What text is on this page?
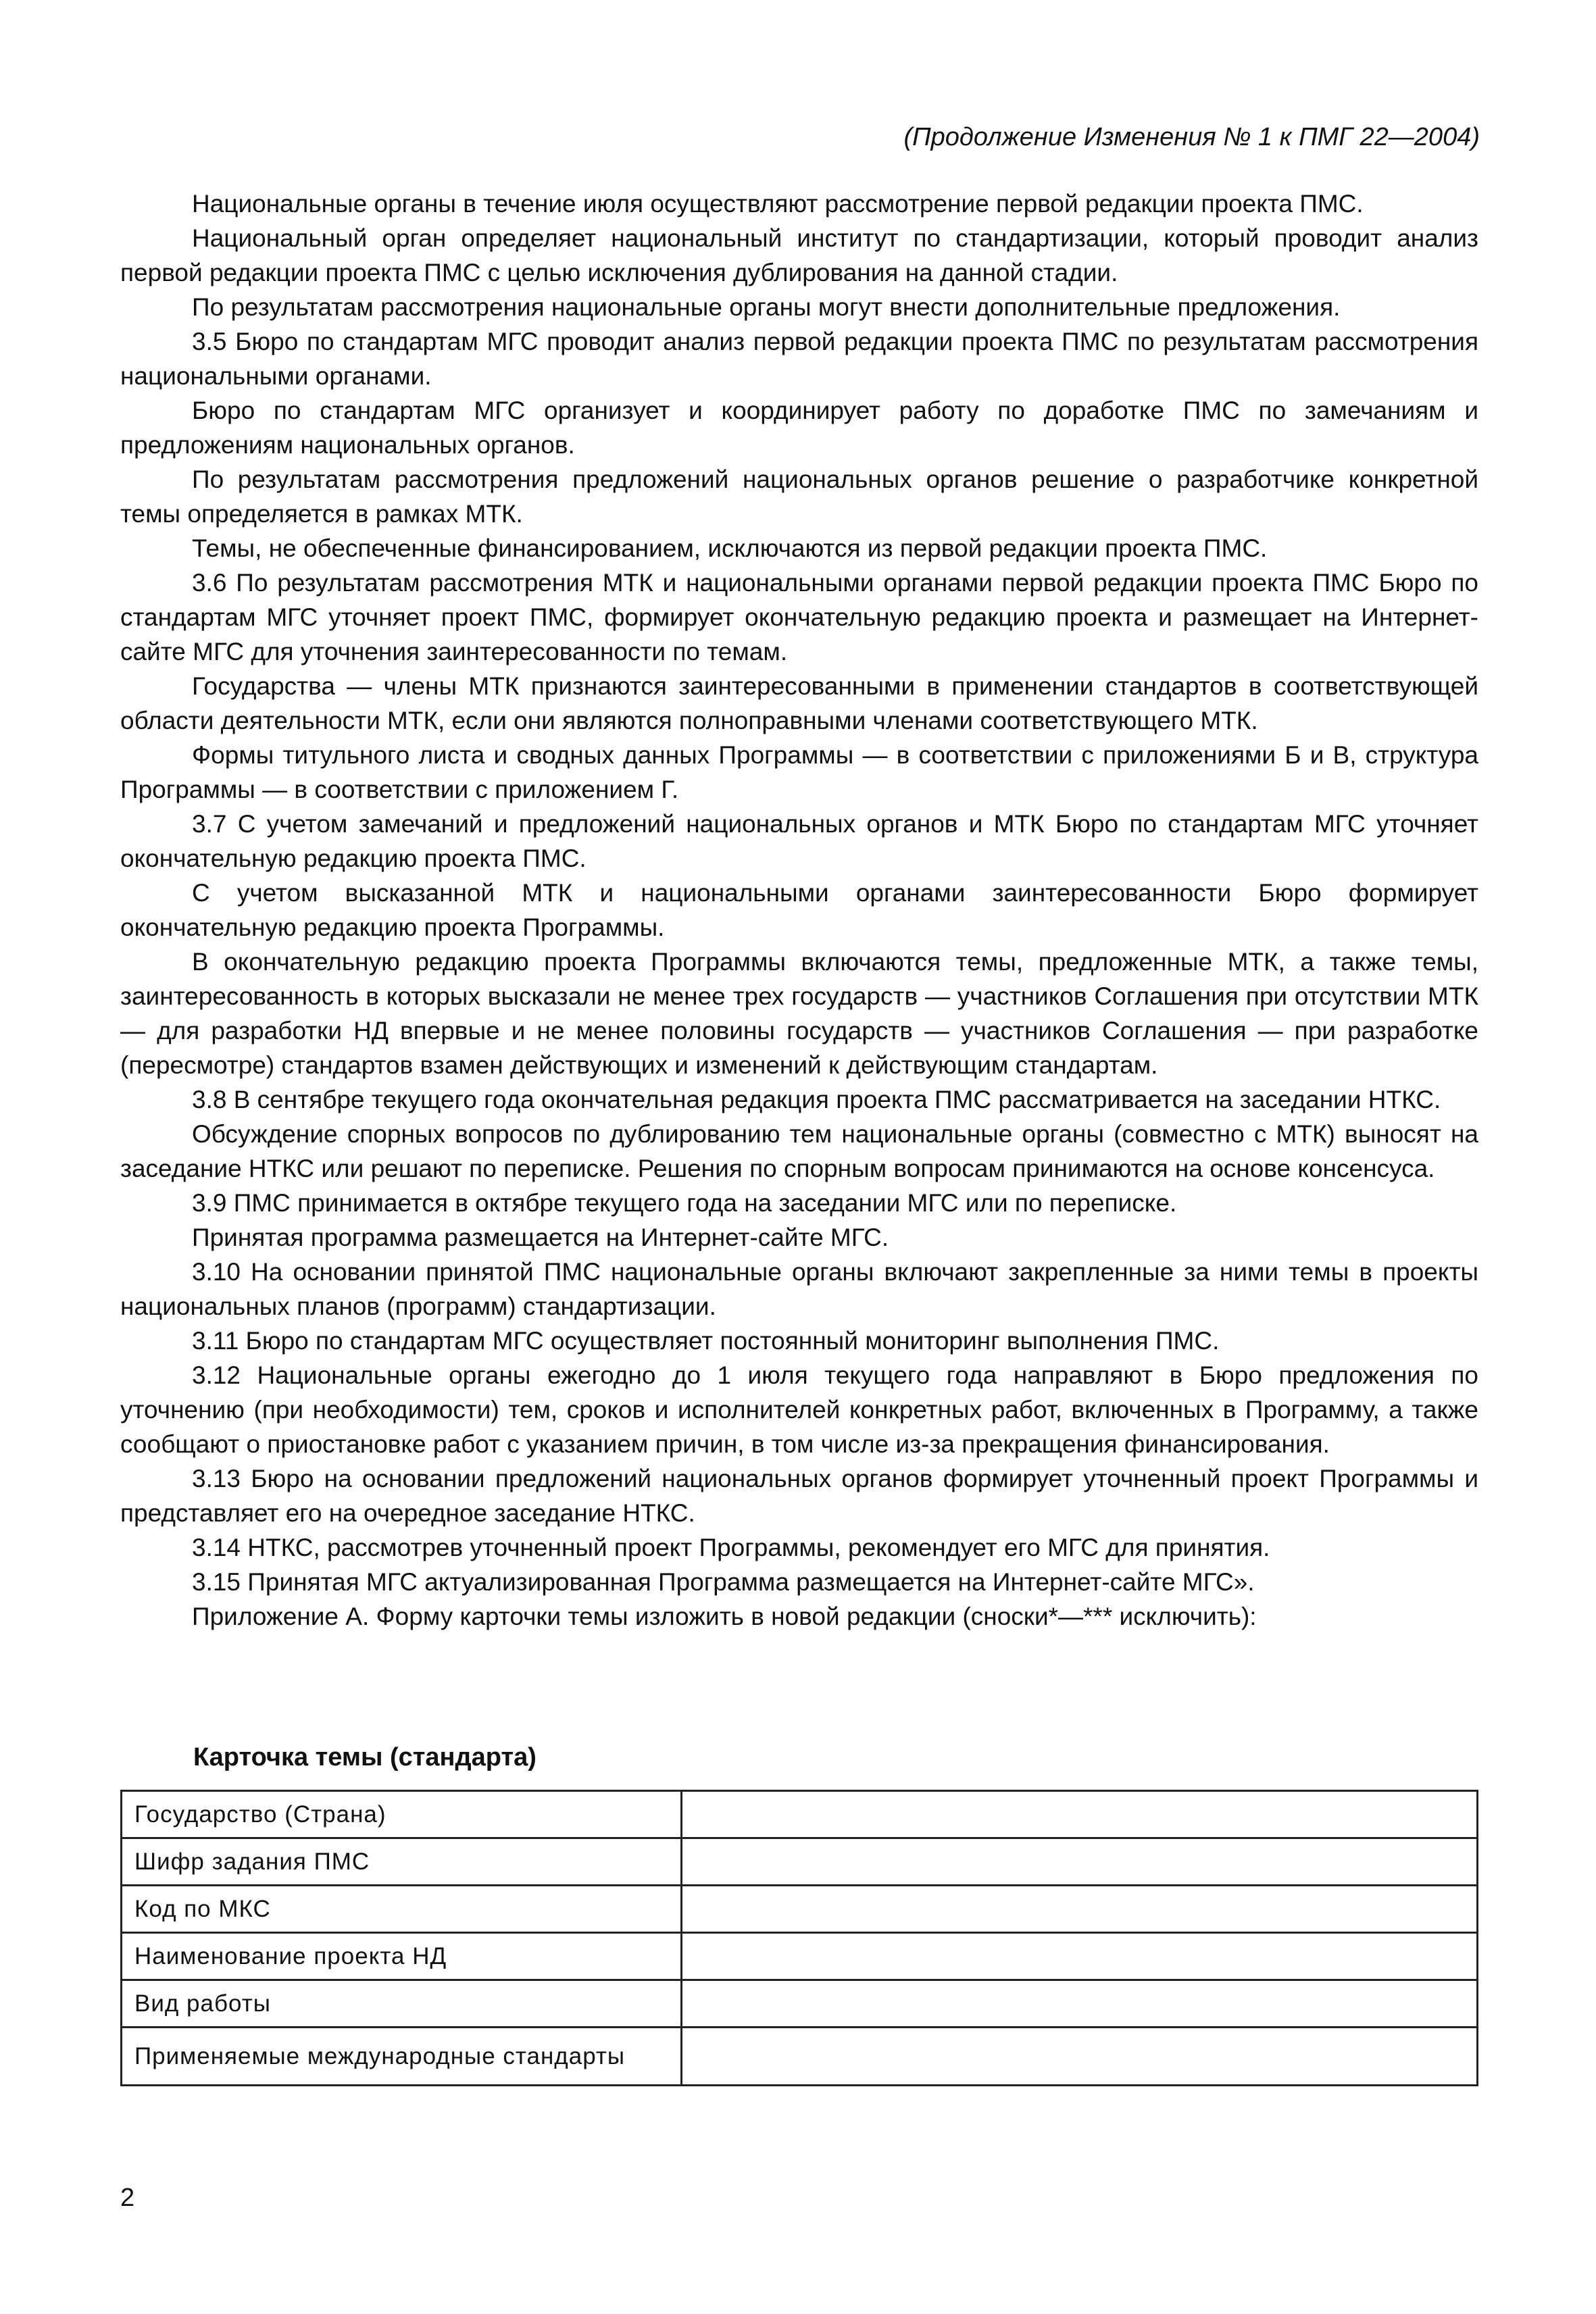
(Продолжение Изменения № 1 к ПМГ 22—2004)

Национальные органы в течение июля осуществляют рассмотрение первой редакции проекта ПМС.

Национальный орган определяет национальный институт по стандартизации, который проводит анализ первой редакции проекта ПМС с целью исключения дублирования на данной стадии.

По результатам рассмотрения национальные органы могут внести дополнительные предложения.

3.5 Бюро по стандартам МГС проводит анализ первой редакции проекта ПМС по результатам рассмотрения национальными органами.

Бюро по стандартам МГС организует и координирует работу по доработке ПМС по замечаниям и предложениям национальных органов.

По результатам рассмотрения предложений национальных органов решение о разработчике конкретной темы определяется в рамках МТК.

Темы, не обеспеченные финансированием, исключаются из первой редакции проекта ПМС.

3.6 По результатам рассмотрения МТК и национальными органами первой редакции проекта ПМС Бюро по стандартам МГС уточняет проект ПМС, формирует окончательную редакцию проекта и размещает на Интернет-сайте МГС для уточнения заинтересованности по темам.

Государства — члены МТК признаются заинтересованными в применении стандартов в соответствующей области деятельности МТК, если они являются полноправными членами соответствующего МТК.

Формы титульного листа и сводных данных Программы — в соответствии с приложениями Б и В, структура Программы — в соответствии с приложением Г.

3.7 С учетом замечаний и предложений национальных органов и МТК Бюро по стандартам МГС уточняет окончательную редакцию проекта ПМС.

С учетом высказанной МТК и национальными органами заинтересованности Бюро формирует окончательную редакцию проекта Программы.

В окончательную редакцию проекта Программы включаются темы, предложенные МТК, а также темы, заинтересованность в которых высказали не менее трех государств — участников Соглашения при отсутствии МТК — для разработки НД впервые и не менее половины государств — участников Соглашения — при разработке (пересмотре) стандартов взамен действующих и изменений к действующим стандартам.

3.8 В сентябре текущего года окончательная редакция проекта ПМС рассматривается на заседании НТКС.

Обсуждение спорных вопросов по дублированию тем национальные органы (совместно с МТК) выносят на заседание НТКС или решают по переписке. Решения по спорным вопросам принимаются на основе консенсуса.

3.9 ПМС принимается в октябре текущего года на заседании МГС или по переписке.

Принятая программа размещается на Интернет-сайте МГС.

3.10 На основании принятой ПМС национальные органы включают закрепленные за ними темы в проекты национальных планов (программ) стандартизации.

3.11 Бюро по стандартам МГС осуществляет постоянный мониторинг выполнения ПМС.

3.12 Национальные органы ежегодно до 1 июля текущего года направляют в Бюро предложения по уточнению (при необходимости) тем, сроков и исполнителей конкретных работ, включенных в Программу, а также сообщают о приостановке работ с указанием причин, в том числе из-за прекращения финансирования.

3.13 Бюро на основании предложений национальных органов формирует уточненный проект Программы и представляет его на очередное заседание НТКС.

3.14 НТКС, рассмотрев уточненный проект Программы, рекомендует его МГС для принятия.

3.15 Принятая МГС актуализированная Программа размещается на Интернет-сайте МГС».

Приложение А. Форму карточки темы изложить в новой редакции (сноски*—*** исключить):

Карточка темы (стандарта)
Государство (Страна)	
Шифр задания ПМС	
Код по МКС	
Наименование проекта НД	
Вид работы	
Применяемые международные стандарты	
2
